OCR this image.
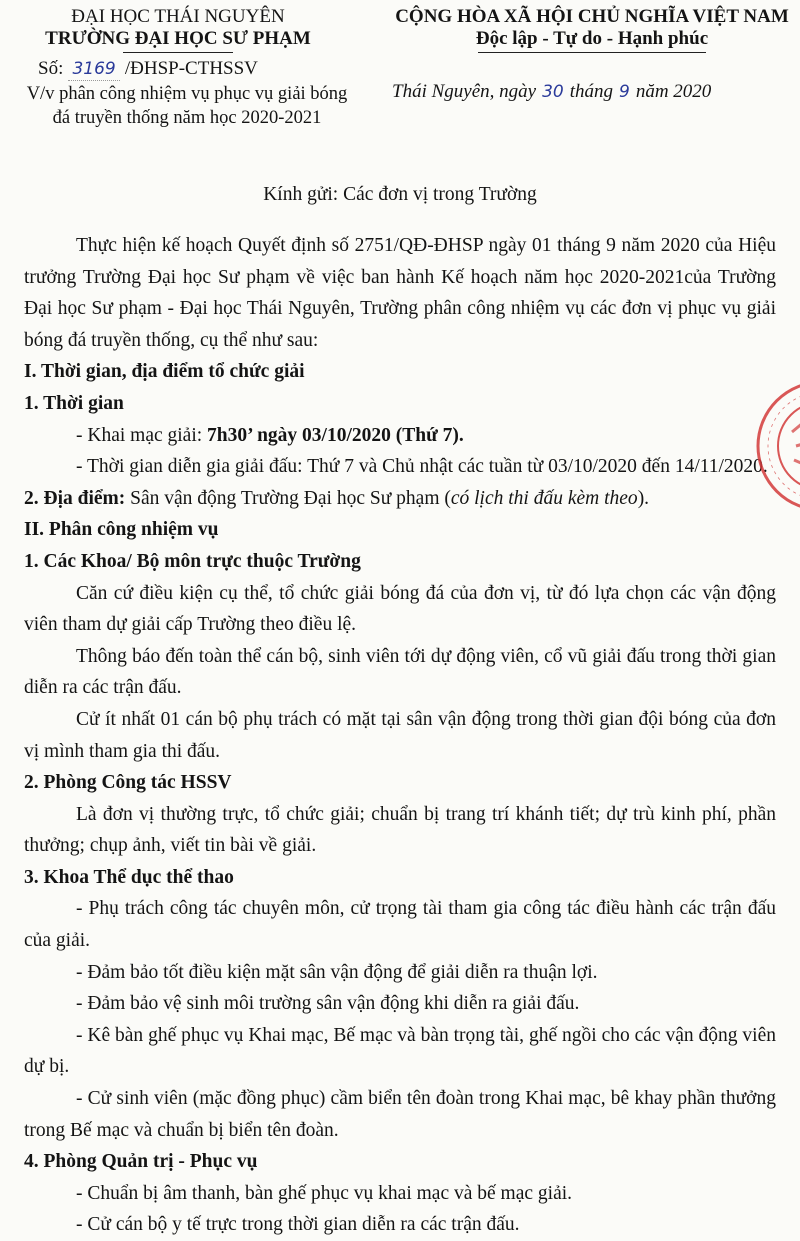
ĐẠI HỌC THÁI NGUYÊN
TRƯỜNG ĐẠI HỌC SƯ PHẠM
CỘNG HÒA XÃ HỘI CHỦ NGHĨA VIỆT NAM
Độc lập - Tự do - Hạnh phúc
Số: 3169 /ĐHSP-CTHSSV
V/v phân công nhiệm vụ phục vụ giải bóng
đá truyền thống năm học 2020-2021
Thái Nguyên, ngày 30 tháng 9 năm 2020
Kính gửi: Các đơn vị trong Trường

Thực hiện kế hoạch Quyết định số 2751/QĐ-ĐHSP ngày 01 tháng 9 năm 2020 của Hiệu trưởng Trường Đại học Sư phạm về việc ban hành Kế hoạch năm học 2020-2021của Trường Đại học Sư phạm - Đại học Thái Nguyên, Trường phân công nhiệm vụ các đơn vị phục vụ giải bóng đá truyền thống, cụ thể như sau:

I. Thời gian, địa điểm tổ chức giải

1. Thời gian

- Khai mạc giải: 7h30’ ngày 03/10/2020 (Thứ 7).

- Thời gian diễn gia giải đấu: Thứ 7 và Chủ nhật các tuần từ 03/10/2020 đến 14/11/2020.

2. Địa điểm: Sân vận động Trường Đại học Sư phạm (có lịch thi đấu kèm theo).

II. Phân công nhiệm vụ

1. Các Khoa/ Bộ môn trực thuộc Trường

Căn cứ điều kiện cụ thể, tổ chức giải bóng đá của đơn vị, từ đó lựa chọn các vận động viên tham dự giải cấp Trường theo điều lệ.

Thông báo đến toàn thể cán bộ, sinh viên tới dự động viên, cổ vũ giải đấu trong thời gian diễn ra các trận đấu.

Cử ít nhất 01 cán bộ phụ trách có mặt tại sân vận động trong thời gian đội bóng của đơn vị mình tham gia thi đấu.

2. Phòng Công tác HSSV

Là đơn vị thường trực, tổ chức giải; chuẩn bị trang trí khánh tiết; dự trù kinh phí, phần thưởng; chụp ảnh, viết tin bài về giải.

3. Khoa Thể dục thể thao

- Phụ trách công tác chuyên môn, cử trọng tài tham gia công tác điều hành các trận đấu của giải.

- Đảm bảo tốt điều kiện mặt sân vận động để giải diễn ra thuận lợi.

- Đảm bảo vệ sinh môi trường sân vận động khi diễn ra giải đấu.

- Kê bàn ghế phục vụ Khai mạc, Bế mạc và bàn trọng tài, ghế ngồi cho các vận động viên dự bị.

- Cử sinh viên (mặc đồng phục) cầm biển tên đoàn trong Khai mạc, bê khay phần thưởng trong Bế mạc và chuẩn bị biển tên đoàn.

4. Phòng Quản trị - Phục vụ

- Chuẩn bị âm thanh, bàn ghế phục vụ khai mạc và bế mạc giải.

- Cử cán bộ y tế trực trong thời gian diễn ra các trận đấu.
